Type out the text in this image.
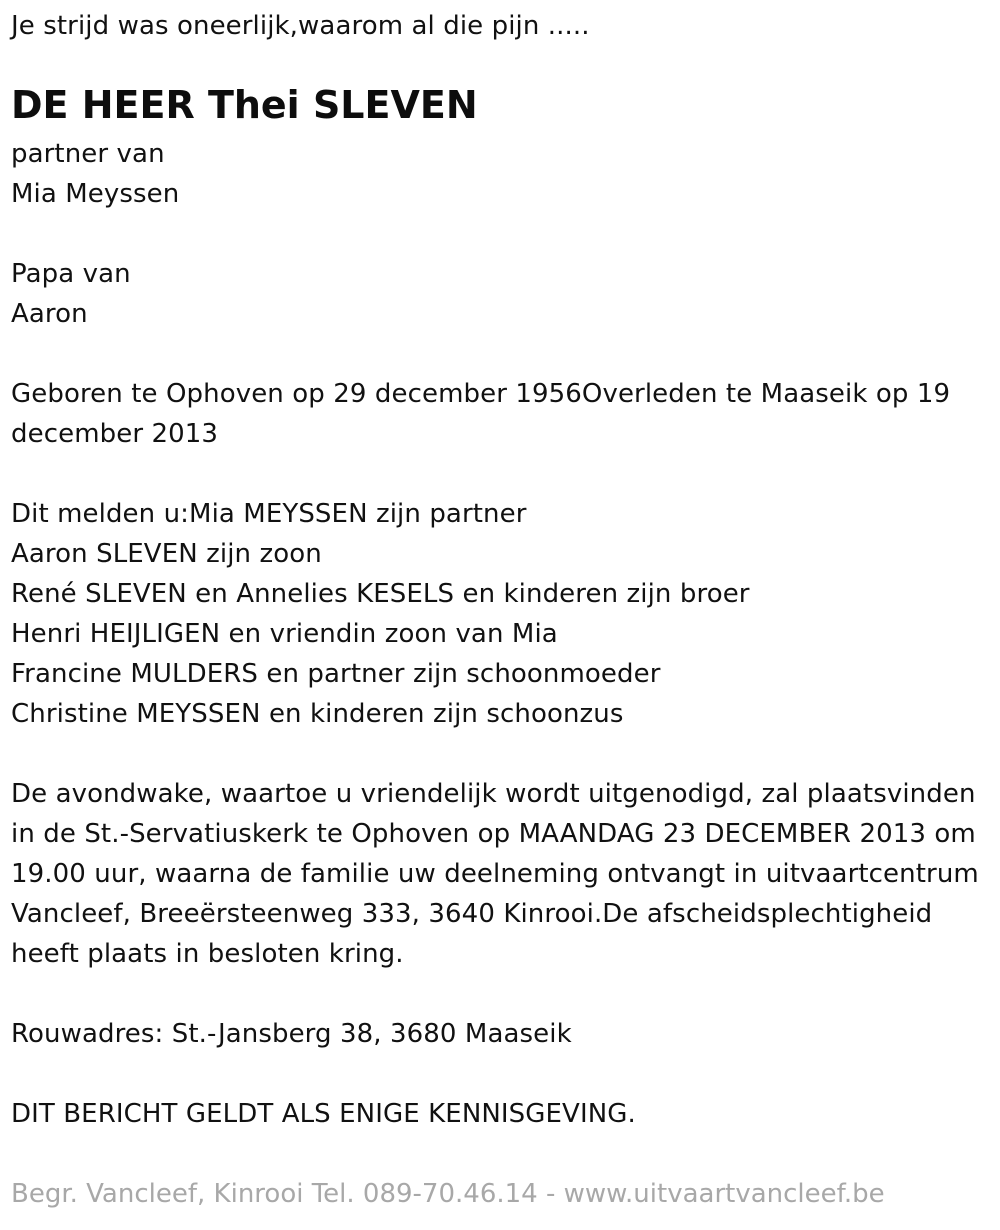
Je strijd was oneerlijk,waarom al die pijn .....
DE HEER Thei SLEVEN
partner van
Mia Meyssen
Papa van
Aaron
Geboren te Ophoven op 29 december 1956Overleden te Maaseik op 19 december 2013
Dit melden u:Mia MEYSSEN zijn partner
Aaron SLEVEN zijn zoon
René SLEVEN en Annelies KESELS en kinderen zijn broer
Henri HEIJLIGEN en vriendin zoon van Mia
Francine MULDERS en partner zijn schoonmoeder
Christine MEYSSEN en kinderen zijn schoonzus
De avondwake, waartoe u vriendelijk wordt uitgenodigd, zal plaatsvinden in de St.-Servatiuskerk te Ophoven op MAANDAG 23 DECEMBER 2013 om 19.00 uur, waarna de familie uw deelneming ontvangt in uitvaartcentrum Vancleef, Breeërsteenweg 333, 3640 Kinrooi.De afscheidsplechtigheid heeft plaats in besloten kring.
Rouwadres: St.-Jansberg 38, 3680 Maaseik
DIT BERICHT GELDT ALS ENIGE KENNISGEVING.
Begr. Vancleef, Kinrooi Tel. 089-70.46.14 - www.uitvaartvancleef.be
